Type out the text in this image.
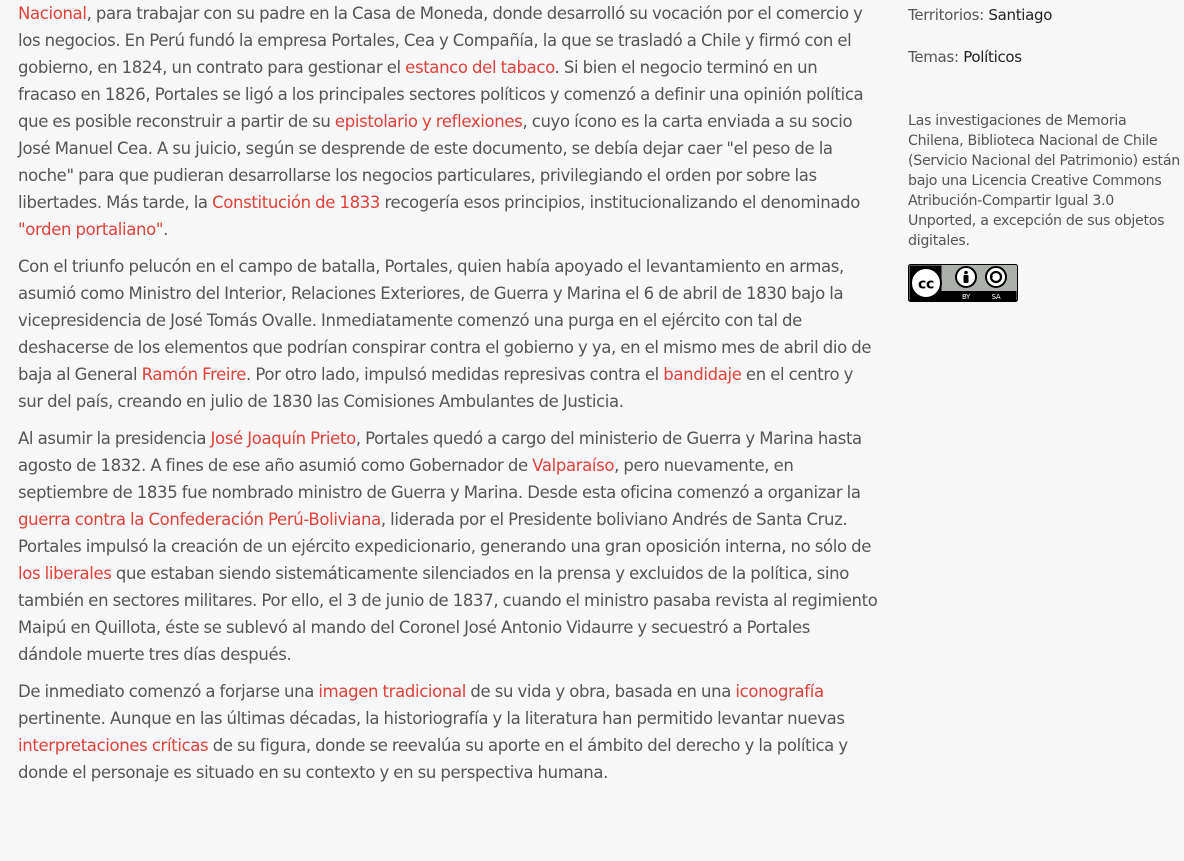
Nacional, para trabajar con su padre en la Casa de Moneda, donde desarrolló su vocación por el comercio y los negocios. En Perú fundó la empresa Portales, Cea y Compañía, la que se trasladó a Chile y firmó con el gobierno, en 1824, un contrato para gestionar el estanco del tabaco. Si bien el negocio terminó en un fracaso en 1826, Portales se ligó a los principales sectores políticos y comenzó a definir una opinión política que es posible reconstruir a partir de su epistolario y reflexiones, cuyo ícono es la carta enviada a su socio José Manuel Cea. A su juicio, según se desprende de este documento, se debía dejar caer "el peso de la noche" para que pudieran desarrollarse los negocios particulares, privilegiando el orden por sobre las libertades. Más tarde, la Constitución de 1833 recogería esos principios, institucionalizando el denominado "orden portaliano".

Con el triunfo pelucón en el campo de batalla, Portales, quien había apoyado el levantamiento en armas, asumió como Ministro del Interior, Relaciones Exteriores, de Guerra y Marina el 6 de abril de 1830 bajo la vicepresidencia de José Tomás Ovalle. Inmediatamente comenzó una purga en el ejército con tal de deshacerse de los elementos que podrían conspirar contra el gobierno y ya, en el mismo mes de abril dio de baja al General Ramón Freire. Por otro lado, impulsó medidas represivas contra el bandidaje en el centro y sur del país, creando en julio de 1830 las Comisiones Ambulantes de Justicia.

Al asumir la presidencia José Joaquín Prieto, Portales quedó a cargo del ministerio de Guerra y Marina hasta agosto de 1832. A fines de ese año asumió como Gobernador de Valparaíso, pero nuevamente, en septiembre de 1835 fue nombrado ministro de Guerra y Marina. Desde esta oficina comenzó a organizar la guerra contra la Confederación Perú-Boliviana, liderada por el Presidente boliviano Andrés de Santa Cruz. Portales impulsó la creación de un ejército expedicionario, generando una gran oposición interna, no sólo de los liberales que estaban siendo sistemáticamente silenciados en la prensa y excluidos de la política, sino también en sectores militares. Por ello, el 3 de junio de 1837, cuando el ministro pasaba revista al regimiento Maipú en Quillota, éste se sublevó al mando del Coronel José Antonio Vidaurre y secuestró a Portales dándole muerte tres días después.

De inmediato comenzó a forjarse una imagen tradicional de su vida y obra, basada en una iconografía pertinente. Aunque en las últimas décadas, la historiografía y la literatura han permitido levantar nuevas interpretaciones críticas de su figura, donde se reevalúa su aporte en el ámbito del derecho y la política y donde el personaje es situado en su contexto y en su perspectiva humana.

Territorios: Santiago
Temas: Políticos
Las investigaciones de Memoria Chilena, Biblioteca Nacional de Chile (Servicio Nacional del Patrimonio) están bajo una Licencia Creative Commons Atribución-Compartir Igual 3.0 Unported, a excepción de sus objetos digitales.
cc
BY	SA
